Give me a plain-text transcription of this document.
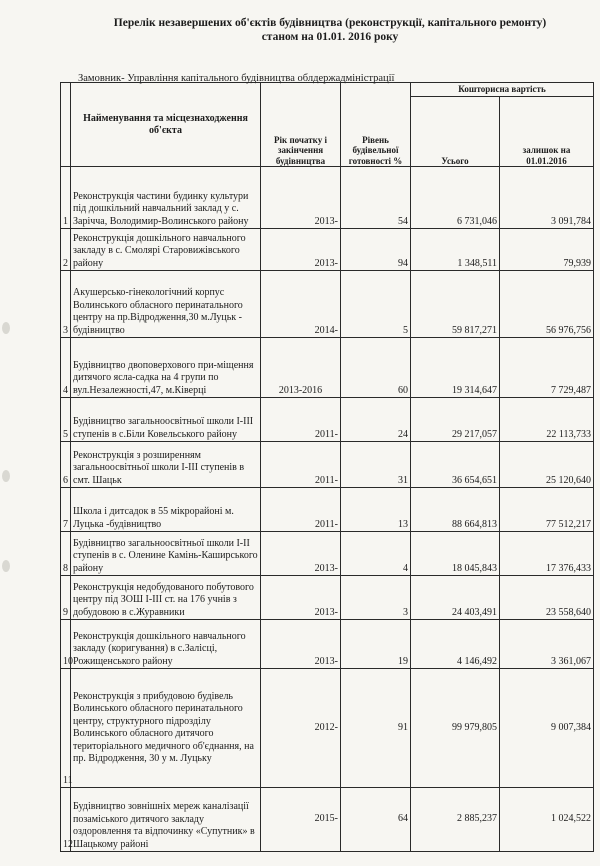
Перелік незавершених об'єктів будівництва (реконструкції, капітального ремонту)
станом на 01.01. 2016 року
Замовник- Управління капітального будівництва облдержадміністрації
	Найменування та місцезнаходження об'єкта	Рік початку і закінчення будівництва	Рівень будівельної готовності %	Кошторисна вартість	
				Усього	залишок на 01.01.2016
1	Реконструкція частини будинку культури під дошкільний навчальний заклад у с. Зарічча, Володимир-Волинського району	2013-	54	6 731,046	3 091,784
2	Реконструкція дошкільного навчального закладу в с. Смолярі Старовижівського району	2013-	94	1 348,511	79,939
3	Акушерсько-гінекологічний корпус Волинського обласного перинатального центру на пр.Відродження,30 м.Луцьк - будівництво	2014-	5	59 817,271	56 976,756
4	Будівництво двоповерхового при-міщення дитячого ясла-садка на 4 групи по вул.Незалежності,47, м.Ківерці	2013-2016	60	19 314,647	7 729,487
5	Будівництво загальноосвітньої школи І-ІІІ ступенів в с.Біли Ковельського району	2011-	24	29 217,057	22 113,733
6	Реконструкція з розширенням загальноосвітньої школи І-ІІІ ступенів в смт. Шацьк	2011-	31	36 654,651	25 120,640
7	Школа і дитсадок в 55 мікрорайоні м. Луцька -будівництво	2011-	13	88 664,813	77 512,217
8	Будівництво загальноосвітньої школи І-ІІ ступенів в с. Оленине Камінь-Каширського району	2013-	4	18 045,843	17 376,433
9	Реконструкція недобудованого побутового центру під ЗОШ І-ІІІ ст. на 176 учнів з добудовою в с.Журавники	2013-	3	24 403,491	23 558,640
10	Реконструкція дошкільного навчального закладу (коригування) в с.Залісці, Рожищенського району	2013-	19	4 146,492	3 361,067
11	Реконструкція з прибудовою будівель Волинського обласного перинатального центру, структурного підрозділу Волинського обласного дитячого територіального медичного об'єднання, на пр. Відродження, 30 у м. Луцьку	2012-	91	99 979,805	9 007,384
12	Будівництво зовнішніх мереж каналізації позаміського дитячого закладу оздоровлення та відпочинку «Супутник» в Шацькому районі	2015-	64	2 885,237	1 024,522
